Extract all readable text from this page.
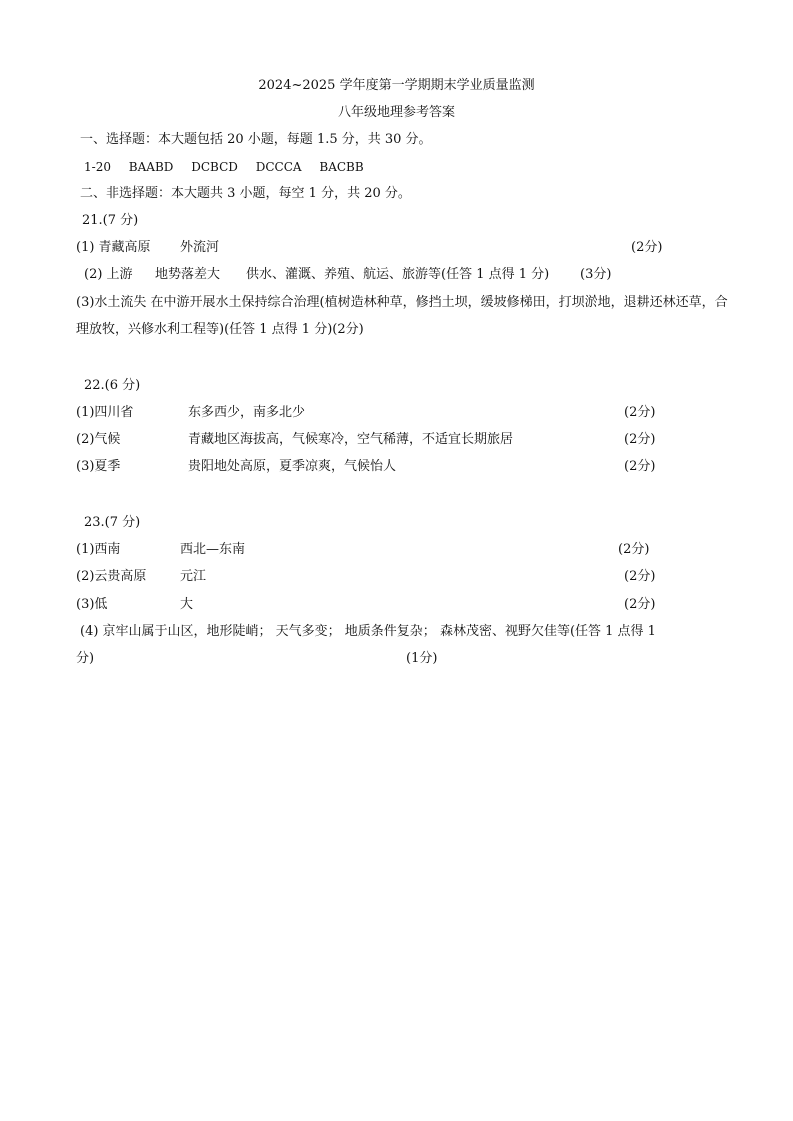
2024~2025 学年度第一学期期末学业质量监测
八年级地理参考答案
一、选择题：本大题包括 20 小题，每题 1.5 分，共 30 分。
1-20 BAABD DCBCD DCCCA BACBB
二、非选择题：本大题共 3 小题，每空 1 分，共 20 分。
21.(7 分)
(1) 青藏高原 外流河	(2分)
(2) 上游 地势落差大 供水、灌溉、养殖、航运、旅游等(任答 1 点得 1 分) (3分)
(3)水土流失 在中游开展水土保持综合治理(植树造林种草，修挡土坝，缓坡修梯田，打坝淤地，退耕还林还草，合理放牧，兴修水利工程等)(任答 1 点得 1 分)(2分)
22.(6 分)
(1)四川省	东多西少，南多北少	(2分)
(2)气候	青藏地区海拔高，气候寒冷，空气稀薄，不适宜长期旅居	(2分)
(3)夏季	贵阳地处高原，夏季凉爽，气候怡人	(2分)
23.(7 分)
(1)西南	西北—东南	(2分)
(2)云贵高原	元江	(2分)
(3)低	大	(2分)
(4) 京牢山属于山区，地形陡峭； 天气多变； 地质条件复杂； 森林茂密、视野欠佳等(任答 1 点得 1
分)	(1分)
